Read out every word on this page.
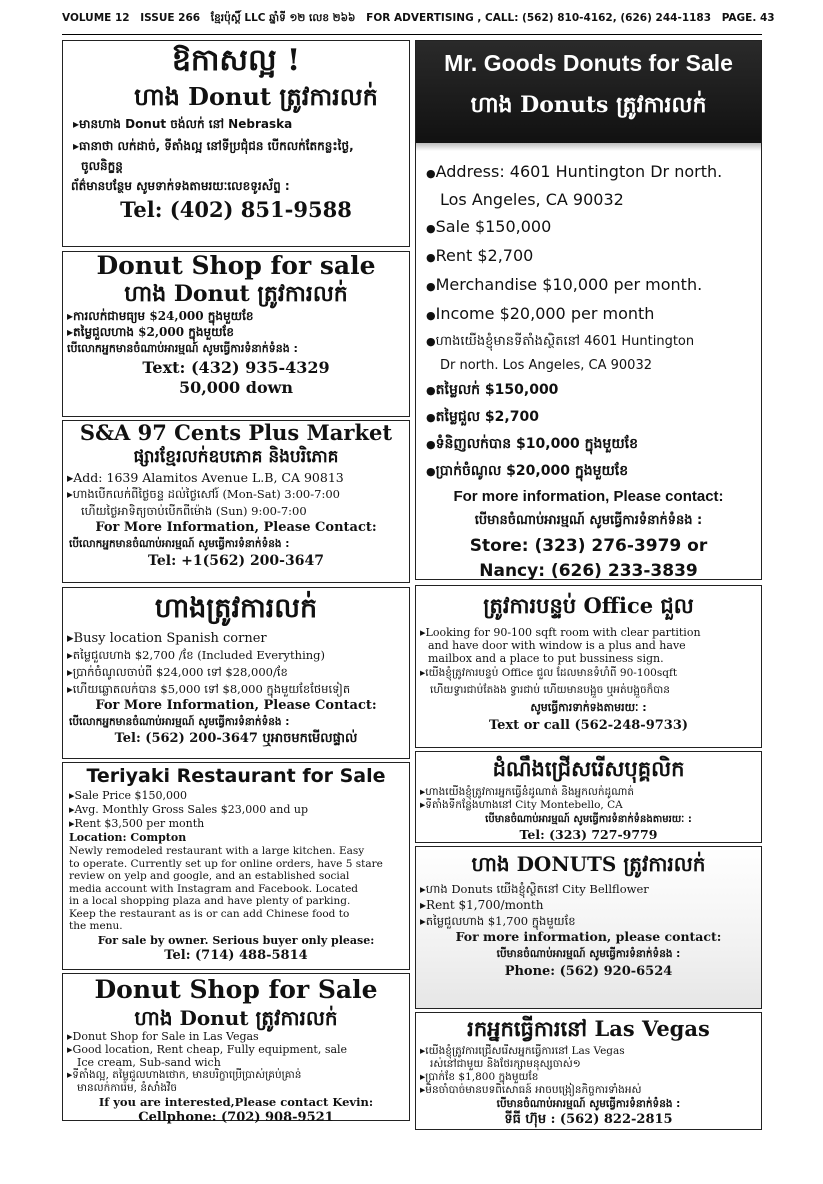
VOLUME 12 ISSUE 266 ខ្មែរប៉ុស្តិ៍ LLC ឆ្នាំទី ១២ លេខ ២៦៦ FOR ADVERTISING , CALL: (562) 810-4162, (626) 244-1183 PAGE. 43
ឱកាសល្អ !
ហាង Donut ត្រូវការលក់
▸ មានហាង Donut ចង់លក់ នៅ Nebraska
▸ ធានាថា លក់ដាច់, ទីតាំងល្អ នៅទីប្រជុំជន បើកលក់តែកន្លះថ្ងៃ,
ចូលនិក្ខន្ត
ព័ត៌មានបន្ថែម សូមទាក់ទងតាមរយៈលេខទូរស័ព្ទ :
Tel: (402) 851-9588
Donut Shop for sale
ហាង Donut ត្រូវការលក់
▸ ការលក់ជាមធ្យម $24,000 ក្នុងមួយខែ
▸ តម្លៃជួលហាង $2,000 ក្នុងមួយខែ
បើលោកអ្នកមានចំណាប់អារម្មណ៍ សូមធ្វើការទំនាក់ទំនង :
Text: (432) 935-4329
50,000 down
S&A 97 Cents Plus Market
ផ្សារខ្មែរលក់ឧបភោគ និងបរិភោគ
▸ Add: 1639 Alamitos Avenue L.B, CA 90813
▸ ហាងបើកលក់ពីថ្ងៃចន្ទ ដល់ថ្ងៃសៅរ៍ (Mon-Sat) 3:00-7:00
ហើយថ្ងៃអាទិត្យចាប់បើកពីម៉ោង (Sun) 9:00-7:00
For More Information, Please Contact:
បើលោកអ្នកមានចំណាប់អារម្មណ៍ សូមធ្វើការទំនាក់ទំនង :
Tel: +1(562) 200-3647
ហាងត្រូវការលក់
▸ Busy location Spanish corner
▸ តម្លៃជួលហាង $2,700 /ខែ (Included Everything)
▸ ប្រាក់ចំណូលចាប់ពី $24,000 ទៅ $28,000/ខែ
▸ ហើយឆ្លោតលក់បាន $5,000 ទៅ $8,000 ក្នុងមួយខែថែមទៀត
For More Information, Please Contact:
បើលោកអ្នកមានចំណាប់អារម្មណ៍ សូមធ្វើការទំនាក់ទំនង :
Tel: (562) 200-3647 ឬអាចមកមើលផ្ទាល់
Teriyaki Restaurant for Sale
▸ Sale Price $150,000
▸ Avg. Monthly Gross Sales $23,000 and up
▸ Rent $3,500 per month
Location: Compton
Newly remodeled restaurant with a large kitchen. Easy
to operate. Currently set up for online orders, have 5 stare
review on yelp and google, and an established social
media account with Instagram and Facebook. Located
in a local shopping plaza and have plenty of parking.
Keep the restaurant as is or can add Chinese food to
the menu.
For sale by owner. Serious buyer only please:
Tel: (714) 488-5814
Donut Shop for Sale
ហាង Donut ត្រូវការលក់
▸ Donut Shop for Sale in Las Vegas
▸ Good location, Rent cheap, Fully equipment, sale
Ice cream, Sub-sand wich
▸ ទីតាំងល្អ, តម្លៃជួលហាងថោក, មានបរិក្ខាប្រើប្រាស់គ្រប់គ្រាន់
មានលក់ការ៉េម, នំសាំងវិច
If you are interested,Please contact Kevin:
Cellphone: (702) 908-9521
Mr. Goods Donuts for Sale
ហាង Donuts ត្រូវការលក់
● Address: 4601 Huntington Dr north.
Los Angeles, CA 90032
● Sale $150,000
● Rent $2,700
● Merchandise $10,000 per month.
● Income $20,000 per month
● ហាងយើងខ្ញុំមានទីតាំងស្ថិតនៅ 4601 Huntington
Dr north. Los Angeles, CA 90032
● តម្លៃលក់ $150,000
● តម្លៃជួល $2,700
● ទំនិញលក់បាន $10,000 ក្នុងមួយខែ
● ប្រាក់ចំណូល $20,000 ក្នុងមួយខែ
For more information, Please contact:
បើមានចំណាប់អារម្មណ៍ សូមធ្វើការទំនាក់ទំនង :
Store: (323) 276-3979 or
Nancy: (626) 233-3839
ត្រូវការបន្ទប់ Office ជួល
▸ Looking for 90-100 sqft room with clear partition
and have door with window is a plus and have
mailbox and a place to put bussiness sign.
▸ យើងខ្ញុំត្រូវការបន្ទប់ Office ជួល ដែលមានទំហំពី 90-100sqft
ហើយទ្វារជាប់តែងង ទ្វារជាប់ ហើយមានបង្អួច ឬអត់បង្អួចក៏បាន
សូមធ្វើការទាក់ទងតាមរយៈ :
Text or call (562-248-9733)
ដំណឹងជ្រើសរើសបុគ្គលិក
▸ ហាងយើងខ្ញុំត្រូវការអ្នកធ្វើនំដូណាត់ និងអ្នកលក់ដូណាត់
▸ ទីតាំងទីកន្លែងហាងនៅ City Montebello, CA
បើមានចំណាប់អារម្មណ៍ សូមធ្វើការទំនាក់ទំនងតាមរយៈ :
Tel: (323) 727-9779
ហាង DONUTS ត្រូវការលក់
▸ ហាង Donuts យើងខ្ញុំស្ថិតនៅ City Bellflower
▸ Rent $1,700/month
▸ តម្លៃជួលហាង $1,700 ក្នុងមួយខែ
For more information, please contact:
បើមានចំណាប់អារម្មណ៍ សូមធ្វើការទំនាក់ទំនង :
Phone: (562) 920-6524
រកអ្នកធ្វើការនៅ Las Vegas
▸ យើងខ្ញុំត្រូវការជ្រើសរើសអ្នកធ្វើការនៅ Las Vegas
រស់នៅជាមួយ និងថែរក្សាមនុស្សចាស់១
▸ ប្រាក់ខែ $1,800 ក្នុងមួយខែ
▸ មិនចាំបាច់មានបទពិសោធន៍ អាចបង្រៀនកិច្ចការទាំងអស់
បើមានចំណាប់អារម្មណ៍ សូមធ្វើការទំនាក់ទំនង :
ទីធី ហ៊ុម : (562) 822-2815
